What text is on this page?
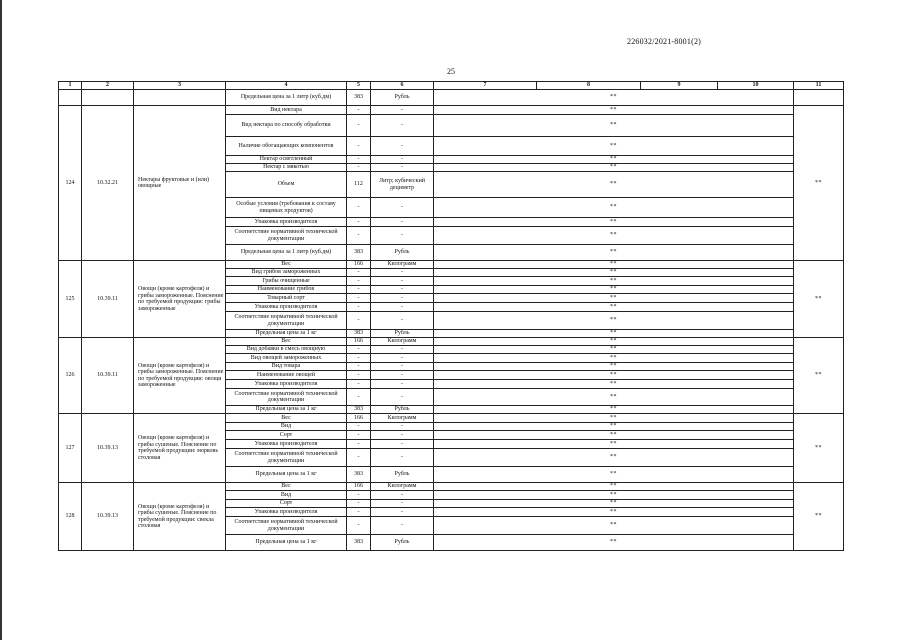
226032/2021-8001(2)
25
1	2	3	4	5	6	7	8	9	10	11
			Предельная цена за 1 литр (куб.дм)	383	Рубль	**				
124	10.32.21	Нектары фруктовые и (или) овощные	Вид нектара	-	-	**				**
			Вид нектара по способу обработки	-	-	**				
			Наличие обогащающих компонентов	-	-	**				
			Нектар осветленный	-	-	**				
			Нектар с мякотью	-	-	**				
			Объем	112	Литр; кубический дециметр	**				
			Особые условия (требования к составу пищевых продуктов)	-	-	**				
			Упаковка производителя	-	-	**				
			Соответствие нормативной технической документации	-	-	**				
			Предельная цена за 1 литр (куб.дм)	383	Рубль	**				
125	10.39.11	Овощи (кроме картофеля) и грибы замороженные. Пояснение по требуемой продукции: грибы замороженные	Вес	166	Килограмм	**				**
			Вид грибов замороженных	-	-	**				
			Грибы очищенные	-	-	**				
			Наименование грибов	-	-	**				
			Товарный сорт	-	-	**				
			Упаковка производителя	-	-	**				
			Соответствие нормативной технической документации	-	-	**				
			Предельная цена за 1 кг	383	Рубль	**				
126	10.39.11	Овощи (кроме картофеля) и грибы замороженные. Пояснение по требуемой продукции: овощи замороженные	Вес	166	Килограмм	**				**
			Вид добавки в смесь овощную	-	-	**				
			Вид овощей замороженных	-	-	**				
			Вид товара	-	-	**				
			Наименование овощей	-	-	**				
			Упаковка производителя	-	-	**				
			Соответствие нормативной технической документации	-	-	**				
			Предельная цена за 1 кг	383	Рубль	**				
127	10.39.13	Овощи (кроме картофеля) и грибы сушеные. Пояснение по требуемой продукции: морковь столовая	Вес	166	Килограмм	**				**
			Вид	-	-	**				
			Сорт	-	-	**				
			Упаковка производителя	-	-	**				
			Соответствие нормативной технической документации	-	-	**				
			Предельная цена за 1 кг	383	Рубль	**				
128	10.39.13	Овощи (кроме картофеля) и грибы сушеные. Пояснение по требуемой продукции: свекла столовая	Вес	166	Килограмм	**				**
			Вид	-	-	**				
			Сорт	-	-	**				
			Упаковка производителя	-	-	**				
			Соответствие нормативной технической документации	-	-	**				
			Предельная цена за 1 кг	383	Рубль	**				
